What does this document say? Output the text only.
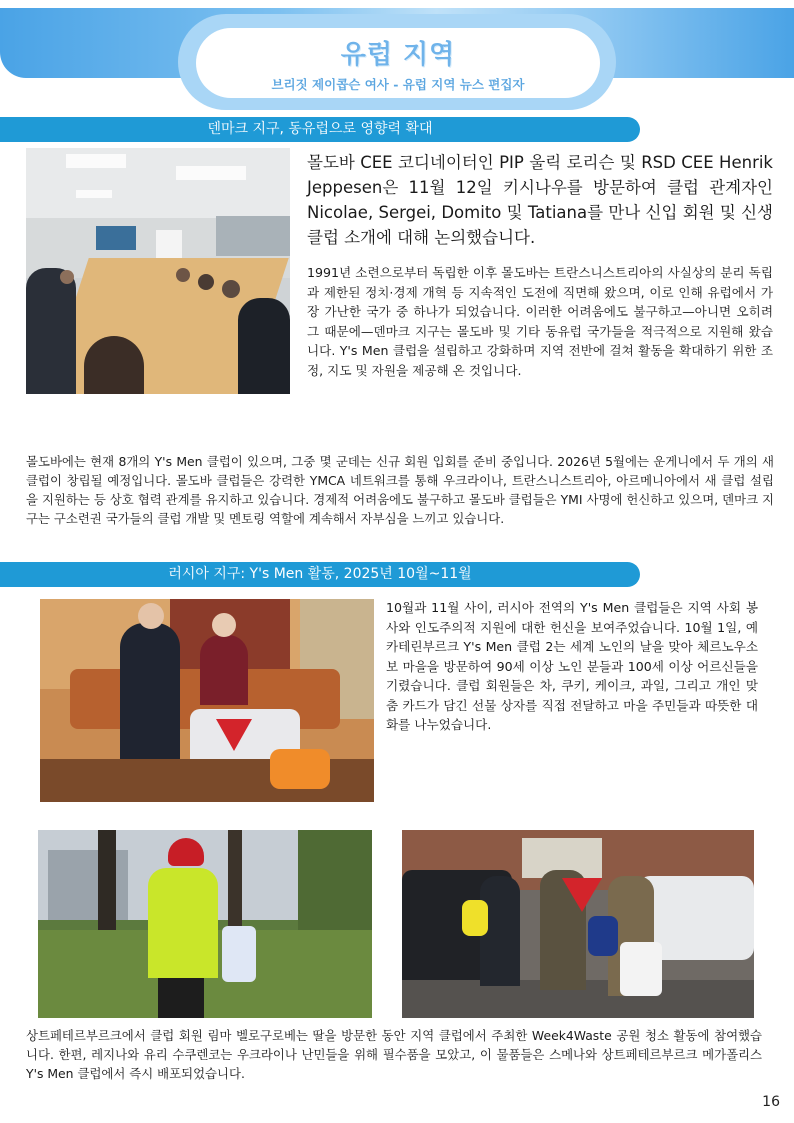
유럽 지역
브리짓 제이콥슨 여사 - 유럽 지역 뉴스 편집자
덴마크 지구, 동유럽으로 영향력 확대
몰도바 CEE 코디네이터인 PIP 울릭 로리슨 및 RSD CEE Henrik Jeppesen은 11월 12일 키시나우를 방문하여 클럽 관계자인 Nicolae, Sergei, Domito 및 Tatiana를 만나 신입 회원 및 신생 클럽 소개에 대해 논의했습니다.
1991년 소련으로부터 독립한 이후 몰도바는 트란스니스트리아의 사실상의 분리 독립과 제한된 정치·경제 개혁 등 지속적인 도전에 직면해 왔으며, 이로 인해 유럽에서 가장 가난한 국가 중 하나가 되었습니다. 이러한 어려움에도 불구하고—아니면 오히려 그 때문에—덴마크 지구는 몰도바 및 기타 동유럽 국가들을 적극적으로 지원해 왔습니다. Y's Men 클럽을 설립하고 강화하며 지역 전반에 걸쳐 활동을 확대하기 위한 조정, 지도 및 자원을 제공해 온 것입니다.
몰도바에는 현재 8개의 Y's Men 클럽이 있으며, 그중 몇 군데는 신규 회원 입회를 준비 중입니다. 2026년 5월에는 운게니에서 두 개의 새 클럽이 창립될 예정입니다. 몰도바 클럽들은 강력한 YMCA 네트워크를 통해 우크라이나, 트란스니스트리아, 아르메니아에서 새 클럽 설립을 지원하는 등 상호 협력 관계를 유지하고 있습니다. 경제적 어려움에도 불구하고 몰도바 클럽들은 YMI 사명에 헌신하고 있으며, 덴마크 지구는 구소련권 국가들의 클럽 개발 및 멘토링 역할에 계속해서 자부심을 느끼고 있습니다.
러시아 지구: Y's Men 활동, 2025년 10월~11월
10월과 11월 사이, 러시아 전역의 Y's Men 클럽들은 지역 사회 봉사와 인도주의적 지원에 대한 헌신을 보여주었습니다. 10월 1일, 예카테린부르크 Y's Men 클럽 2는 세계 노인의 날을 맞아 체르노우소보 마을을 방문하여 90세 이상 노인 분들과 100세 이상 어르신들을 기렸습니다. 클럽 회원들은 차, 쿠키, 케이크, 과일, 그리고 개인 맞춤 카드가 담긴 선물 상자를 직접 전달하고 마을 주민들과 따뜻한 대화를 나누었습니다.
상트페테르부르크에서 클럽 회원 림마 벨로구로베는 딸을 방문한 동안 지역 클럽에서 주최한 Week4Waste 공원 청소 활동에 참여했습니다. 한편, 레지나와 유리 수쿠렌코는 우크라이나 난민들을 위해 필수품을 모았고, 이 물품들은 스메나와 상트페테르부르크 메가폴리스 Y's Men 클럽에서 즉시 배포되었습니다.
16
